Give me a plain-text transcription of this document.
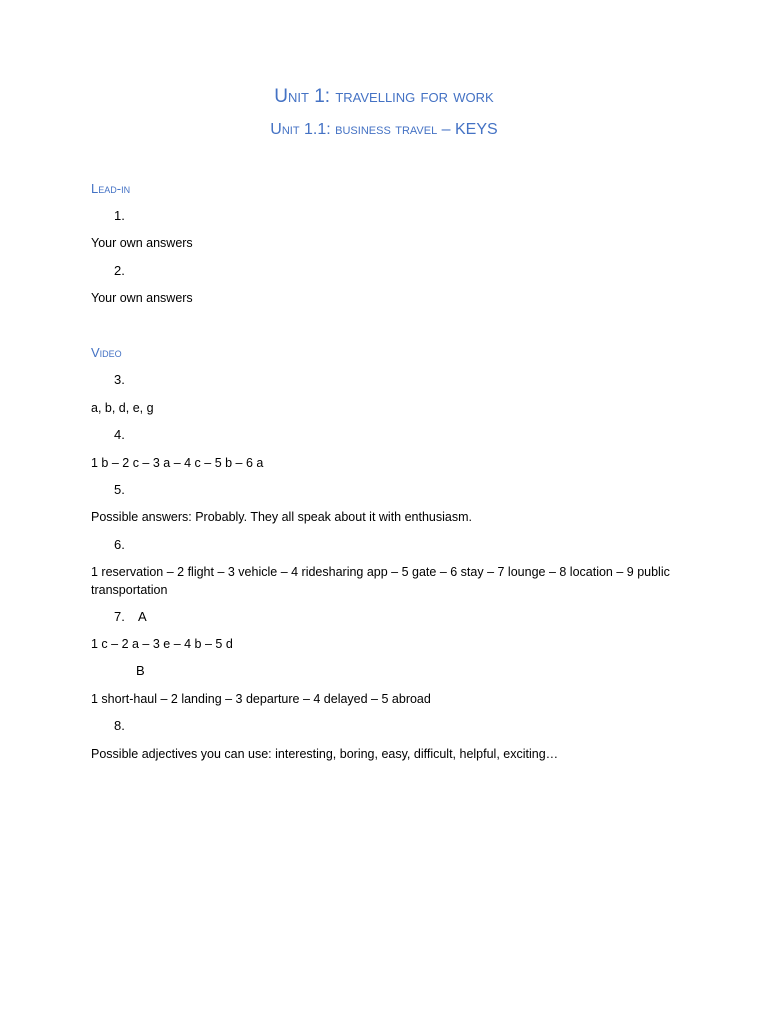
Unit 1: travelling for work
Unit 1.1: business travel – KEYS
Lead-in
1.
Your own answers
2.
Your own answers
Video
3.
a, b, d, e, g
4.
1 b – 2 c – 3 a – 4 c – 5 b – 6 a
5.
Possible answers: Probably. They all speak about it with enthusiasm.
6.
1 reservation – 2 flight – 3 vehicle – 4 ridesharing app – 5 gate – 6 stay – 7 lounge – 8 location – 9 public transportation
7. A
1 c – 2 a – 3 e – 4 b – 5 d
B
1 short-haul – 2 landing – 3 departure – 4 delayed – 5 abroad
8.
Possible adjectives you can use: interesting, boring, easy, difficult, helpful, exciting…
